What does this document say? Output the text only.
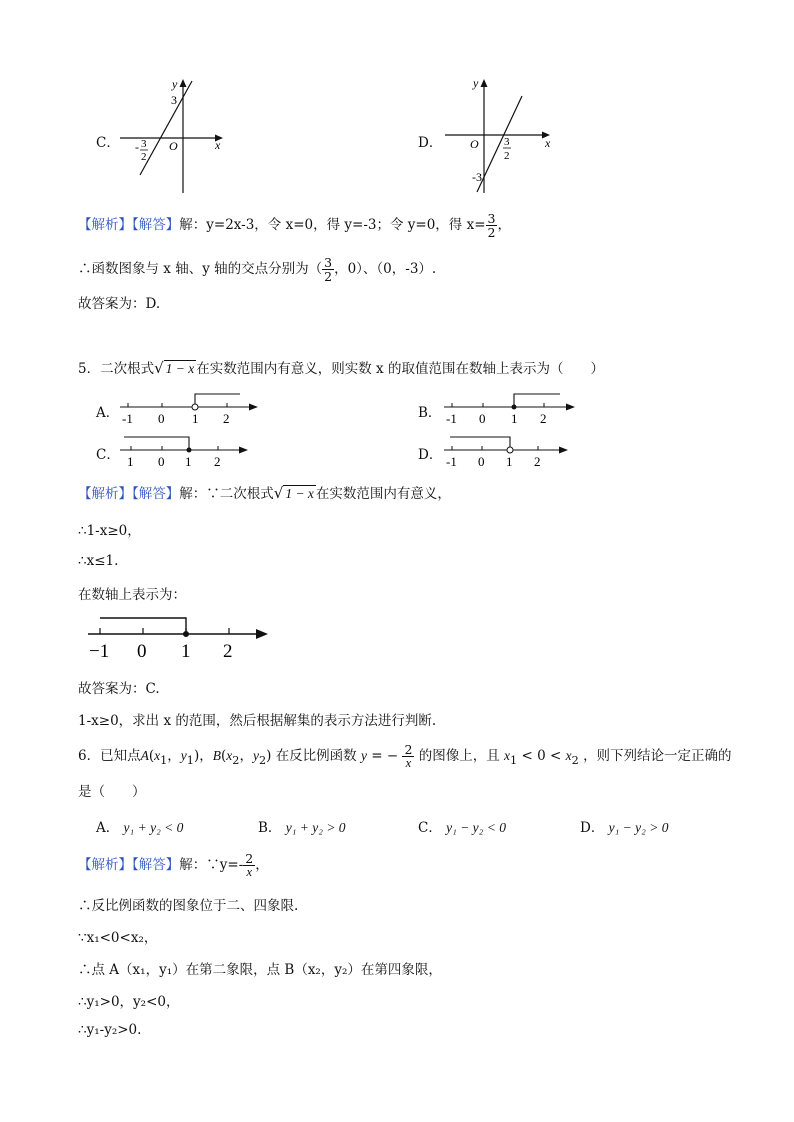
C．
y
x
O
3
- 3
2
D．
y
x
O
-3
3
2
【解析】【解答】解：y=2x-3，令 x=0，得 y=-3；令 y=0，得 $x= \frac{3}{2}$ ，
∴函数图象与 x 轴、y 轴的交点分别为（ $\frac{3}{2}$ ，0）、（0，-3）.
故答案为：D.
5．二次根式√ 1 − x 在实数范围内有意义，则实数 x 的取值范围在数轴上表示为（　　）
A． -1 0 1 2	B． -1 0 1 2
C． 1 0 1 2	D． -1 0 1 2
【解析】【解答】解：∵二次根式√ 1 − x 在实数范围内有意义，
∴1-x≥0，
∴x≤1.
在数轴上表示为：
−1 0 1 2
故答案为：C.
1-x≥0，求出 x 的范围，然后根据解集的表示方法进行判断.
6．已知点$A(x_1$，$y_1$)，$B(x_2$，$y_2$) 在反比例函数 y = − $\frac{2}{x}$ 的图像上，且 $x_1 < 0 < x_2$ ，则下列结论一定正确的
是（　　）
A． y₁ + y₂ < 0	B． y₁ + y₂ > 0	C． y₁ − y₂ < 0	D． y₁ − y₂ > 0
【解析】【解答】解：∵y=- $\frac{2}{x}$ ，
∴反比例函数的图象位于二、四象限.
∵x₁<0<x₂，
∴点 A（x₁，y₁）在第二象限，点 B（x₂，y₂）在第四象限，
∴y₁>0，y₂<0，
∴y₁-y₂>0.
